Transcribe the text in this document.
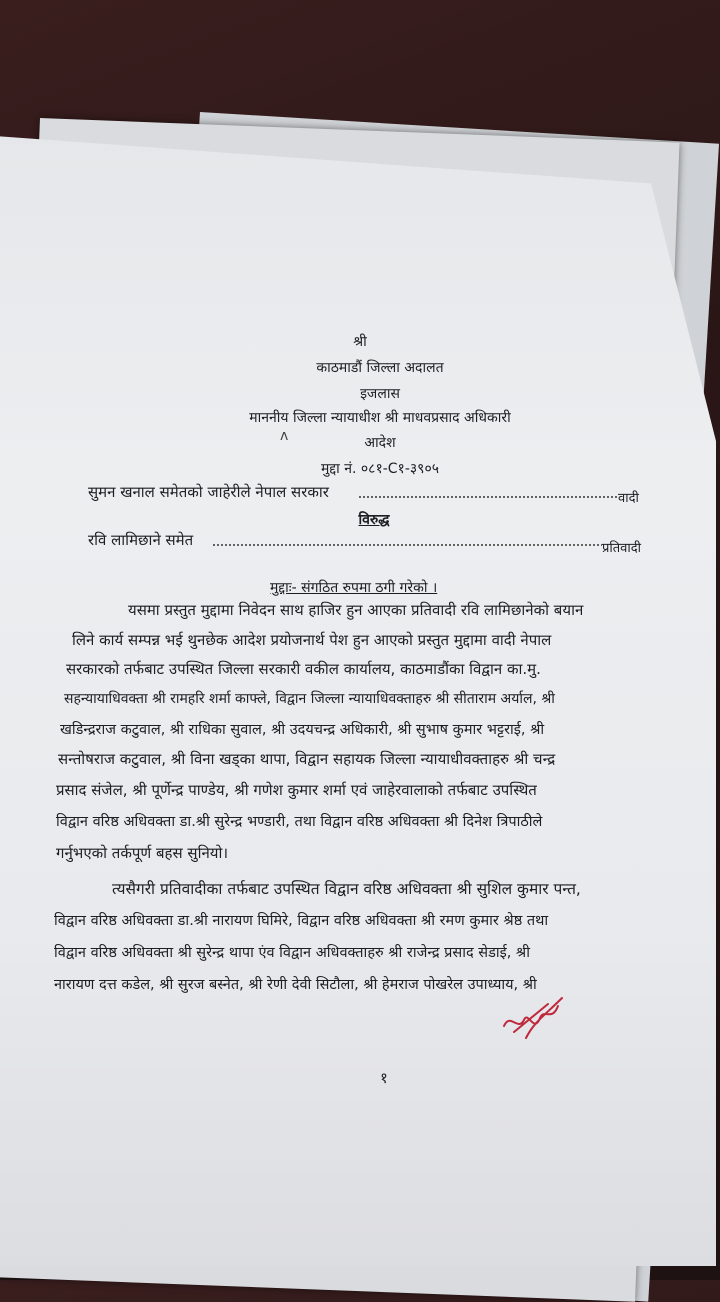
श्री
काठमाडौं जिल्ला अदालत
इजलास
माननीय जिल्ला न्यायाधीश श्री माधवप्रसाद अधिकारी
आदेश
ʌ
मुद्दा नं. ०८१-C१-३९०५
सुमन खनाल समेतको जाहेरीले नेपाल सरकार	वादी
विरुद्ध
रवि लामिछाने समेत	प्रतिवादी
मुद्दाः- संगठित रुपमा ठगी गरेको ।
यसमा प्रस्तुत मुद्दामा निवेदन साथ हाजिर हुन आएका प्रतिवादी रवि लामिछानेको बयान
लिने कार्य सम्पन्न भई थुनछेक आदेश प्रयोजनार्थ पेश हुन आएको प्रस्तुत मुद्दामा वादी नेपाल
सरकारको तर्फबाट उपस्थित जिल्ला सरकारी वकील कार्यालय, काठमाडौंका विद्वान का.मु.
सहन्यायाधिवक्ता श्री रामहरि शर्मा काफ्ले, विद्वान जिल्ला न्यायाधिवक्ताहरु श्री सीताराम अर्याल, श्री
खडिन्द्रराज कटुवाल, श्री राधिका सुवाल, श्री उदयचन्द्र अधिकारी, श्री सुभाष कुमार भट्टराई, श्री
सन्तोषराज कटुवाल, श्री विना खड्का थापा, विद्वान सहायक जिल्ला न्यायाधीवक्ताहरु श्री चन्द्र
प्रसाद संजेल, श्री पूर्णेन्द्र पाण्डेय, श्री गणेश कुमार शर्मा एवं जाहेरवालाको तर्फबाट उपस्थित
विद्वान वरिष्ठ अधिवक्ता डा.श्री सुरेन्द्र भण्डारी, तथा विद्वान वरिष्ठ अधिवक्ता श्री दिनेश त्रिपाठीले
गर्नुभएको तर्कपूर्ण बहस सुनियो।
त्यसैगरी प्रतिवादीका तर्फबाट उपस्थित विद्वान वरिष्ठ अधिवक्ता श्री सुशिल कुमार पन्त,
विद्वान वरिष्ठ अधिवक्ता डा.श्री नारायण घिमिरे, विद्वान वरिष्ठ अधिवक्ता श्री रमण कुमार श्रेष्ठ तथा
विद्वान वरिष्ठ अधिवक्ता श्री सुरेन्द्र थापा एंव विद्वान अधिवक्ताहरु श्री राजेन्द्र प्रसाद सेडाई, श्री
नारायण दत्त कडेल, श्री सुरज बस्नेत, श्री रेणी देवी सिटौला, श्री हेमराज पोखरेल उपाध्याय, श्री
१
